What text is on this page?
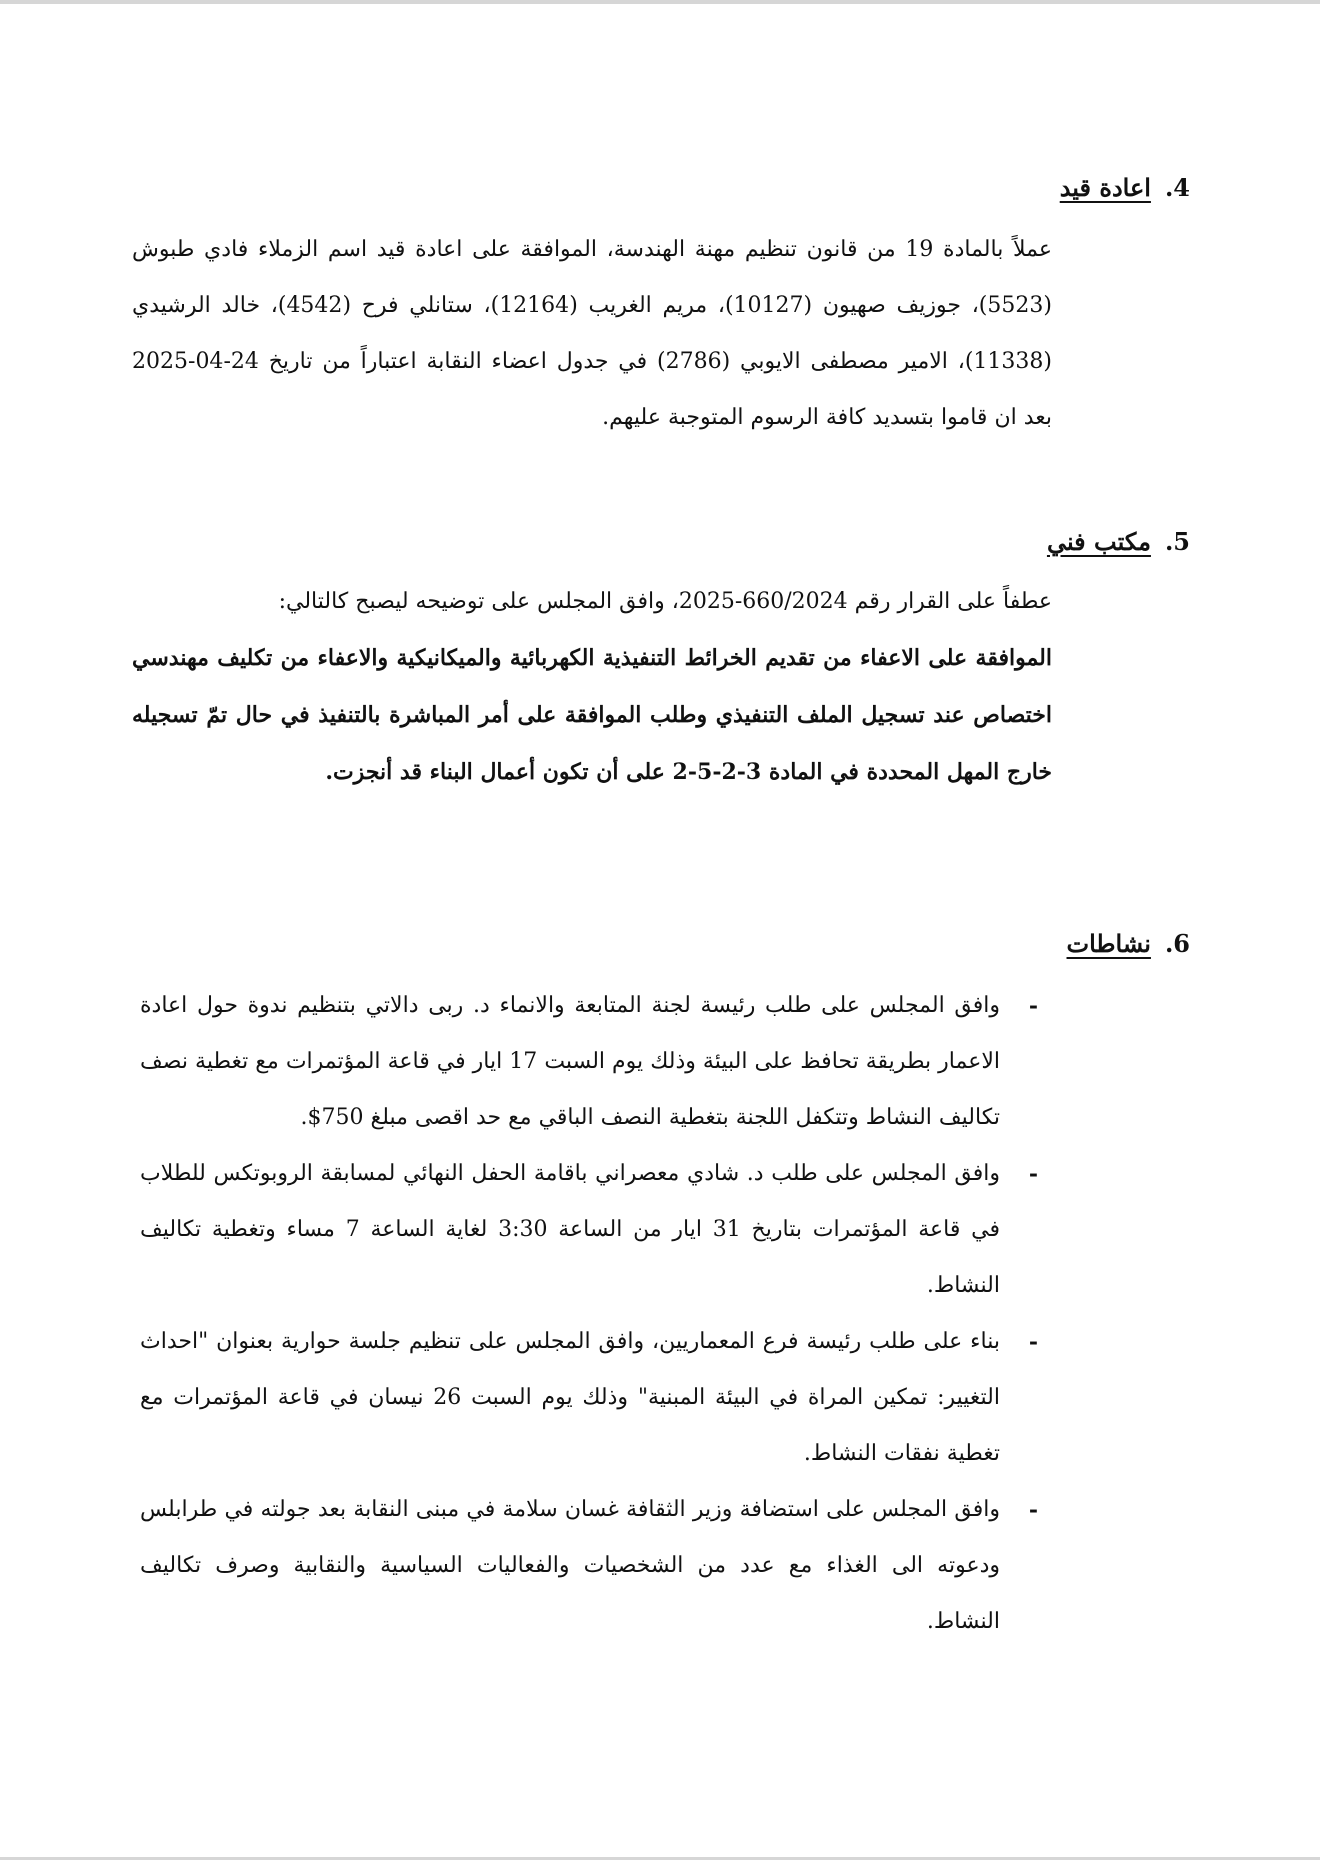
4.اعادة قيد

عملاً بالمادة 19 من قانون تنظيم مهنة الهندسة، الموافقة على اعادة قيد اسم الزملاء فادي طبوش (5523)، جوزيف صهيون (10127)، مريم الغريب (12164)، ستانلي فرح (4542)، خالد الرشيدي (11338)، الامير مصطفى الايوبي (2786) في جدول اعضاء النقابة اعتباراً من تاريخ 24-04-2025 بعد ان قاموا بتسديد كافة الرسوم المتوجبة عليهم.

5.مكتب فني

عطفاً على القرار رقم 660/2024-2025، وافق المجلس على توضيحه ليصبح كالتالي:

الموافقة على الاعفاء من تقديم الخرائط التنفيذية الكهربائية والميكانيكية والاعفاء من تكليف مهندسي اختصاص عند تسجيل الملف التنفيذي وطلب الموافقة على أمر المباشرة بالتنفيذ في حال تمّ تسجيله خارج المهل المحددة في المادة 3-2-5-2 على أن تكون أعمال البناء قد أنجزت.

6.نشاطات
-
وافق المجلس على طلب رئيسة لجنة المتابعة والانماء د. ربى دالاتي بتنظيم ندوة حول اعادة الاعمار بطريقة تحافظ على البيئة وذلك يوم السبت 17 ايار في قاعة المؤتمرات مع تغطية نصف تكاليف النشاط وتتكفل اللجنة بتغطية النصف الباقي مع حد اقصى مبلغ 750$.
-
وافق المجلس على طلب د. شادي معصراني باقامة الحفل النهائي لمسابقة الروبوتكس للطلاب في قاعة المؤتمرات بتاريخ 31 ايار من الساعة 3:30 لغاية الساعة 7 مساء وتغطية تكاليف النشاط.
-
بناء على طلب رئيسة فرع المعماريين، وافق المجلس على تنظيم جلسة حوارية بعنوان "احداث التغيير: تمكين المراة في البيئة المبنية" وذلك يوم السبت 26 نيسان في قاعة المؤتمرات مع تغطية نفقات النشاط.
-
وافق المجلس على استضافة وزير الثقافة غسان سلامة في مبنى النقابة بعد جولته في طرابلس ودعوته الى الغذاء مع عدد من الشخصيات والفعاليات السياسية والنقابية وصرف تكاليف النشاط.
